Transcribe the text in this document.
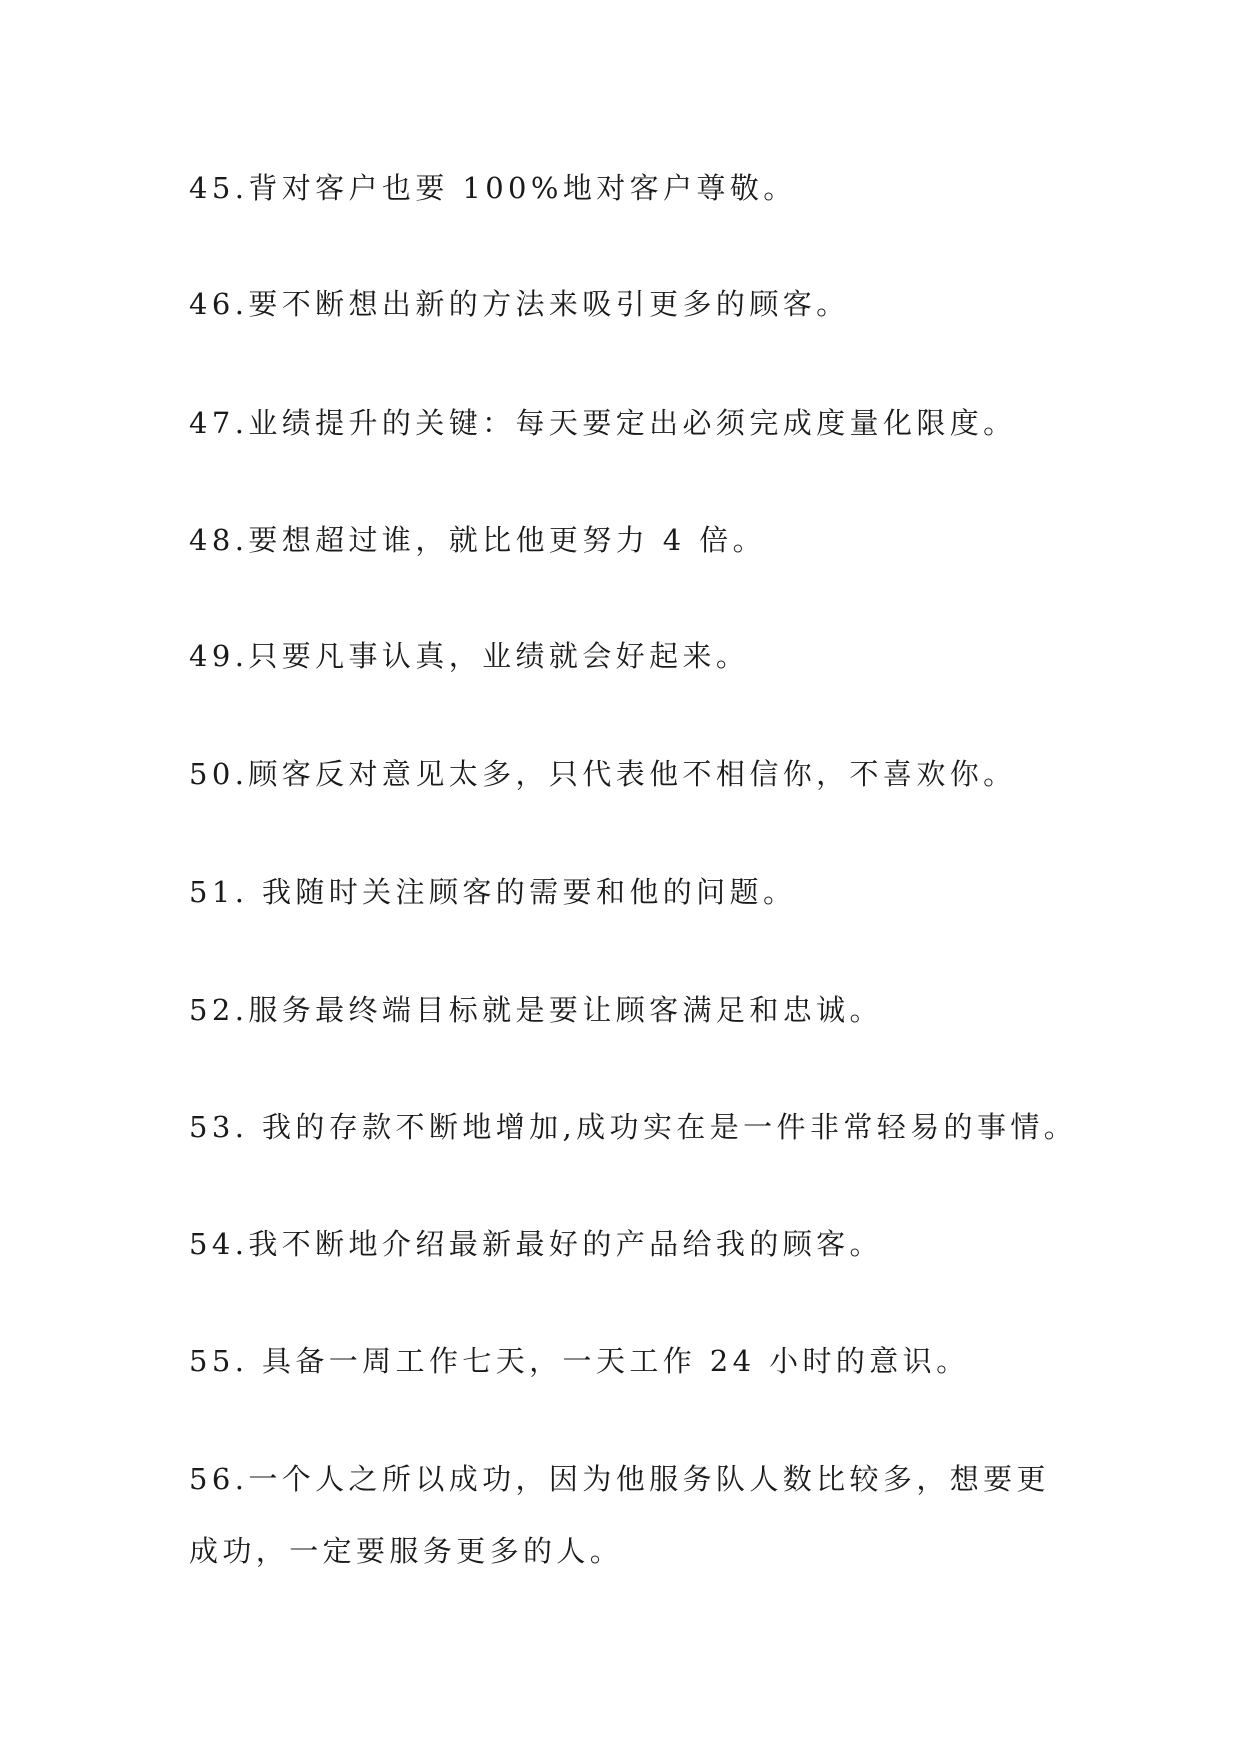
45.背对客户也要 100%地对客户尊敬。
46.要不断想出新的方法来吸引更多的顾客。
47.业绩提升的关键：每天要定出必须完成度量化限度。
48.要想超过谁，就比他更努力 4 倍。
49.只要凡事认真，业绩就会好起来。
50.顾客反对意见太多，只代表他不相信你，不喜欢你。
51. 我随时关注顾客的需要和他的问题。
52.服务最终端目标就是要让顾客满足和忠诚。
53. 我的存款不断地增加,成功实在是一件非常轻易的事情。
54.我不断地介绍最新最好的产品给我的顾客。
55. 具备一周工作七天，一天工作 24 小时的意识。
56.一个人之所以成功，因为他服务队人数比较多，想要更
成功，一定要服务更多的人。
